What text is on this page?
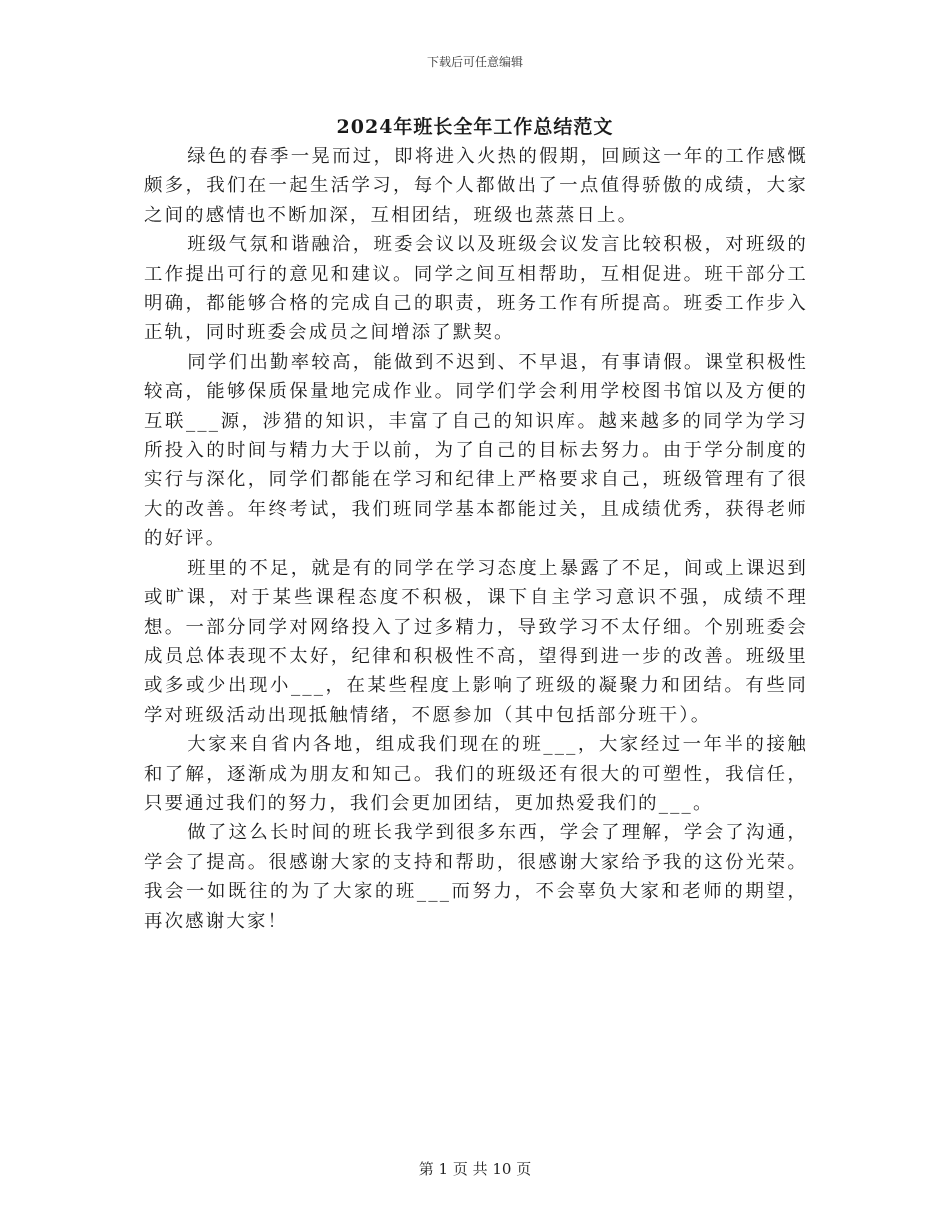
下载后可任意编辑
2024年班长全年工作总结范文

绿色的春季一晃而过，即将进入火热的假期，回顾这一年的工作感慨颇多，我们在一起生活学习，每个人都做出了一点值得骄傲的成绩，大家之间的感情也不断加深，互相团结，班级也蒸蒸日上。

班级气氛和谐融洽，班委会议以及班级会议发言比较积极，对班级的工作提出可行的意见和建议。同学之间互相帮助，互相促进。班干部分工明确，都能够合格的完成自己的职责，班务工作有所提高。班委工作步入正轨，同时班委会成员之间增添了默契。

同学们出勤率较高，能做到不迟到、不早退，有事请假。课堂积极性较高，能够保质保量地完成作业。同学们学会利用学校图书馆以及方便的互联___源，涉猎的知识，丰富了自己的知识库。越来越多的同学为学习所投入的时间与精力大于以前，为了自己的目标去努力。由于学分制度的实行与深化，同学们都能在学习和纪律上严格要求自己，班级管理有了很大的改善。年终考试，我们班同学基本都能过关，且成绩优秀，获得老师的好评。

班里的不足，就是有的同学在学习态度上暴露了不足，间或上课迟到或旷课，对于某些课程态度不积极，课下自主学习意识不强，成绩不理想。一部分同学对网络投入了过多精力，导致学习不太仔细。个别班委会成员总体表现不太好，纪律和积极性不高，望得到进一步的改善。班级里或多或少出现小___，在某些程度上影响了班级的凝聚力和团结。有些同学对班级活动出现抵触情绪，不愿参加（其中包括部分班干）。

大家来自省内各地，组成我们现在的班___，大家经过一年半的接触和了解，逐渐成为朋友和知己。我们的班级还有很大的可塑性，我信任，只要通过我们的努力，我们会更加团结，更加热爱我们的___。

做了这么长时间的班长我学到很多东西，学会了理解，学会了沟通，学会了提高。很感谢大家的支持和帮助，很感谢大家给予我的这份光荣。我会一如既往的为了大家的班___而努力，不会辜负大家和老师的期望，再次感谢大家！

第 1 页 共 10 页
